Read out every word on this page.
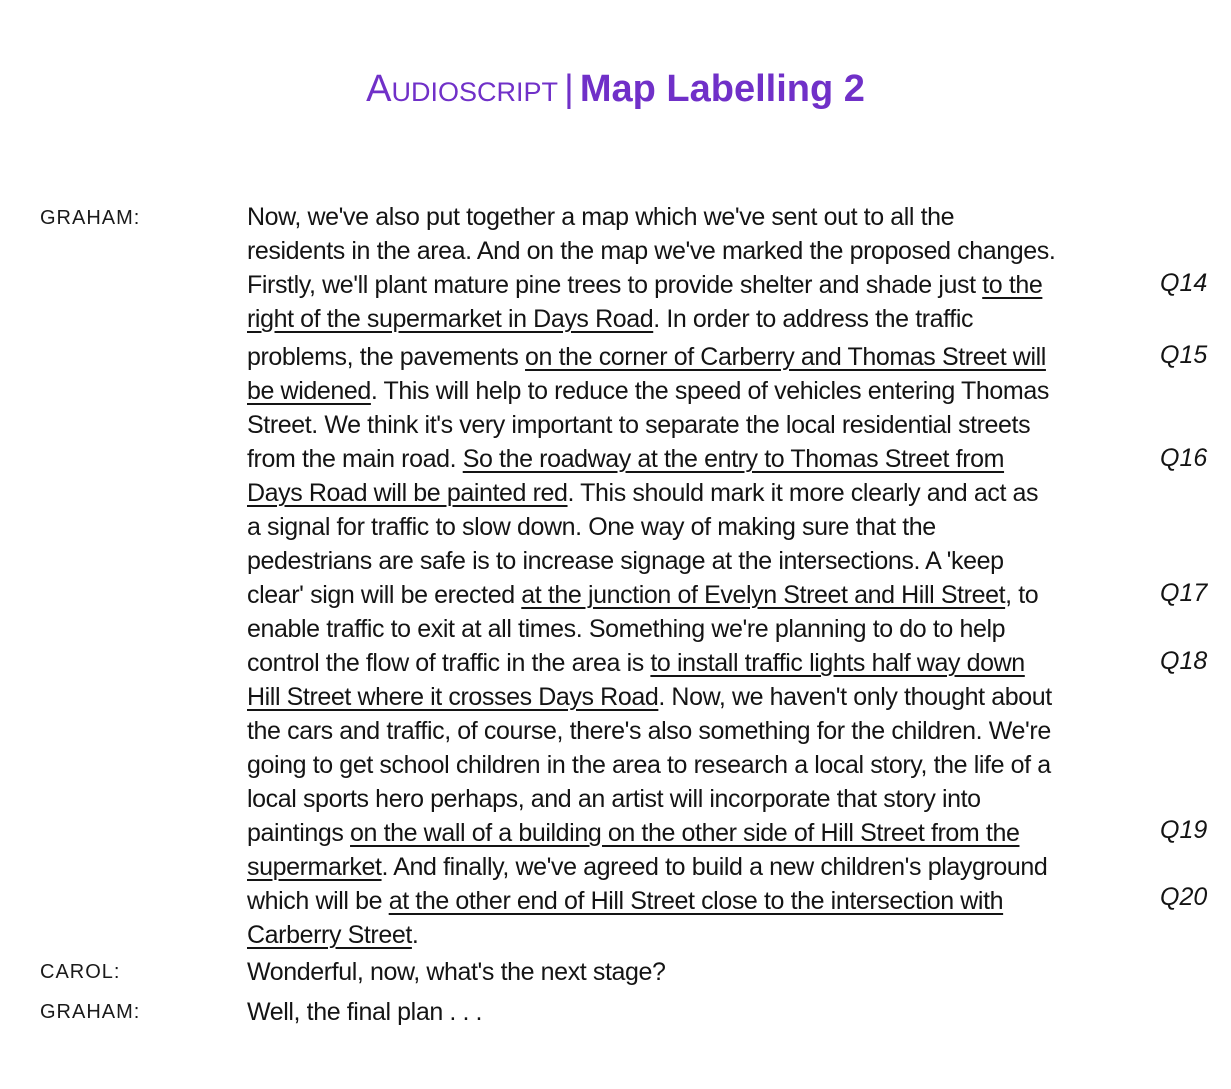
Audioscript | Map Labelling 2
GRAHAM:
CAROL:
GRAHAM:
Now, we've also put together a map which we've sent out to all the
residents in the area. And on the map we've marked the proposed changes.
Firstly, we'll plant mature pine trees to provide shelter and shade just to the
right of the supermarket in Days Road. In order to address the traffic
problems, the pavements on the corner of Carberry and Thomas Street will
be widened. This will help to reduce the speed of vehicles entering Thomas
Street. We think it's very important to separate the local residential streets
from the main road. So the roadway at the entry to Thomas Street from
Days Road will be painted red. This should mark it more clearly and act as
a signal for traffic to slow down. One way of making sure that the
pedestrians are safe is to increase signage at the intersections. A 'keep
clear' sign will be erected at the junction of Evelyn Street and Hill Street, to
enable traffic to exit at all times. Something we're planning to do to help
control the flow of traffic in the area is to install traffic lights half way down
Hill Street where it crosses Days Road. Now, we haven't only thought about
the cars and traffic, of course, there's also something for the children. We're
going to get school children in the area to research a local story, the life of a
local sports hero perhaps, and an artist will incorporate that story into
paintings on the wall of a building on the other side of Hill Street from the
supermarket. And finally, we've agreed to build a new children's playground
which will be at the other end of Hill Street close to the intersection with
Carberry Street.
Wonderful, now, what's the next stage?
Well, the final plan . . .
Q14
Q15
Q16
Q17
Q18
Q19
Q20
